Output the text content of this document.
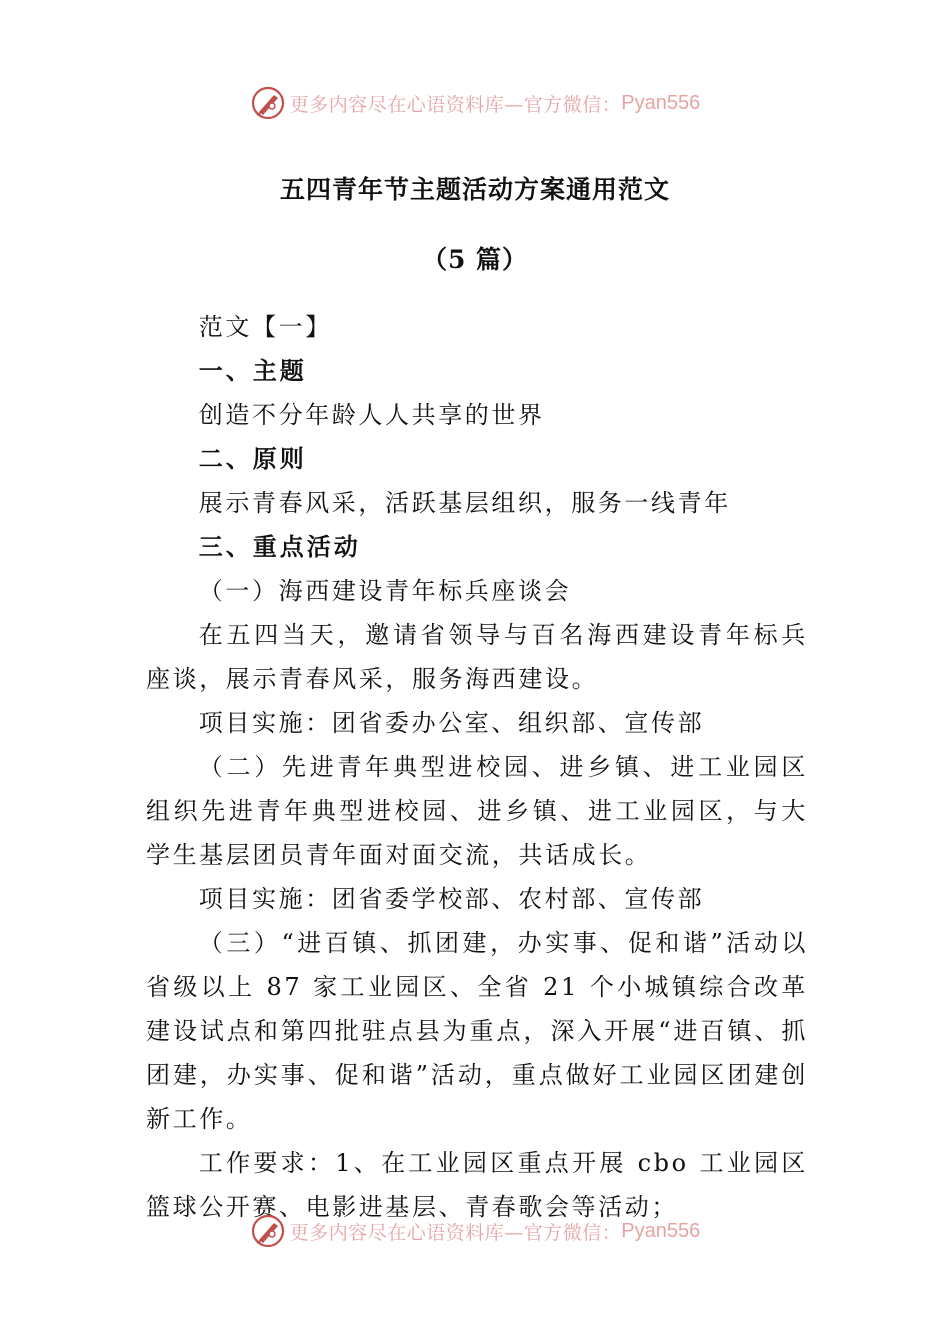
更多内容尽在心语资料库—官方微信： Pyan556
五四青年节主题活动方案通用范文
（5 篇）

范文【一】

一、主题

创造不分年龄人人共享的世界

二、原则

展示青春风采，活跃基层组织，服务一线青年

三、重点活动

（一）海西建设青年标兵座谈会

在五四当天，邀请省领导与百名海西建设青年标兵座谈，展示青春风采，服务海西建设。

项目实施：团省委办公室、组织部、宣传部

（二）先进青年典型进校园、进乡镇、进工业园区组织先进青年典型进校园、进乡镇、进工业园区，与大学生基层团员青年面对面交流，共话成长。

项目实施：团省委学校部、农村部、宣传部

（三）“进百镇、抓团建，办实事、促和谐”活动以省级以上 87 家工业园区、全省 21 个小城镇综合改革建设试点和第四批驻点县为重点，深入开展“进百镇、抓团建，办实事、促和谐”活动，重点做好工业园区团建创新工作。

工作要求：1、在工业园区重点开展 cbo 工业园区篮球公开赛、电影进基层、青春歌会等活动；

更多内容尽在心语资料库—官方微信： Pyan556
